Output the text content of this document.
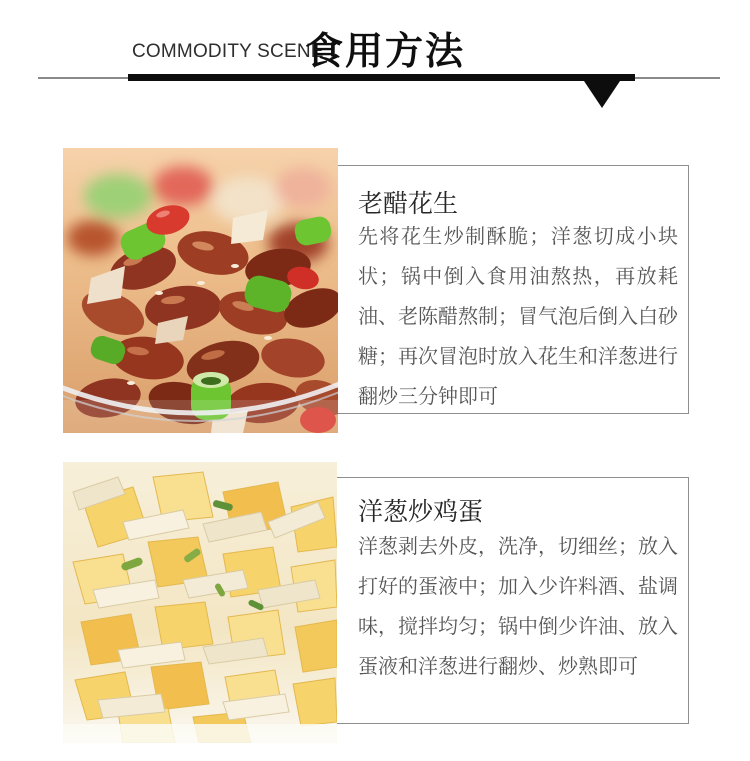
COMMODITY SCENE
食用方法
老醋花生
先将花生炒制酥脆；洋葱切成小块状；锅中倒入食用油熬热，再放耗油、老陈醋熬制；冒气泡后倒入白砂糖；再次冒泡时放入花生和洋葱进行翻炒三分钟即可
洋葱炒鸡蛋
洋葱剥去外皮，洗净，切细丝；放入打好的蛋液中；加入少许料酒、盐调味，搅拌均匀；锅中倒少许油、放入蛋液和洋葱进行翻炒、炒熟即可
